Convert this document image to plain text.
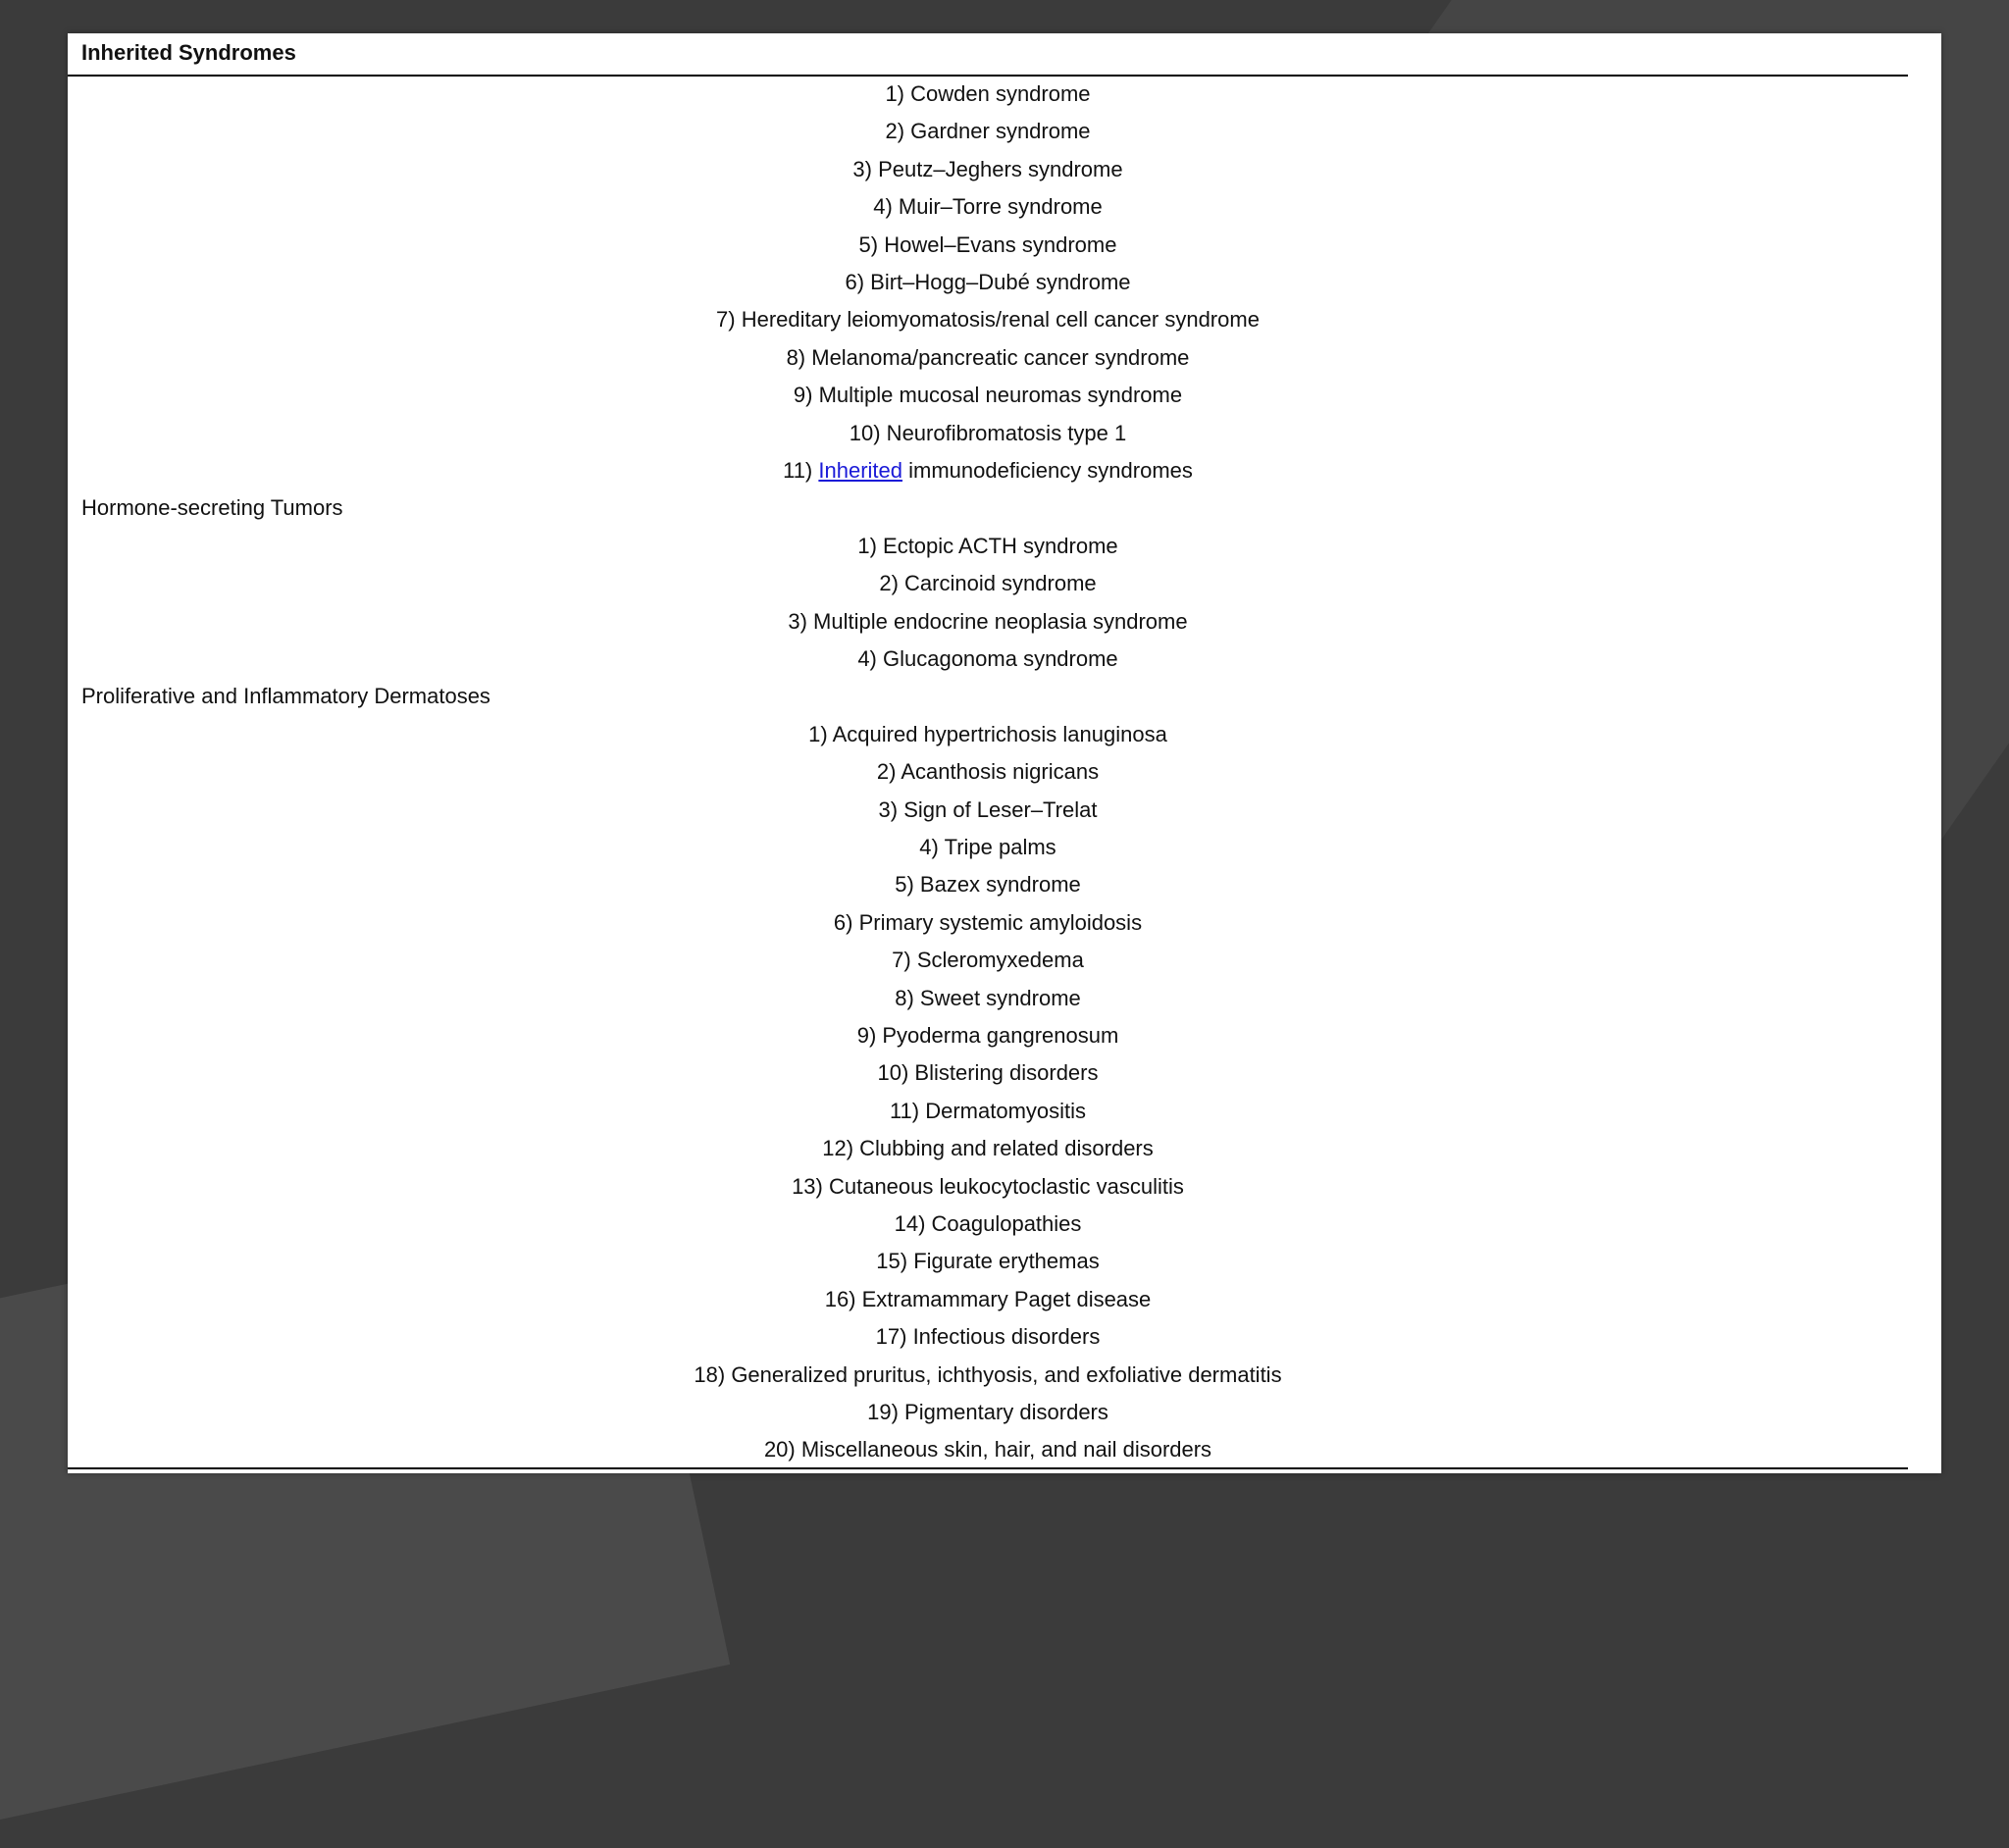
Inherited Syndromes
1) Cowden syndrome
2) Gardner syndrome
3) Peutz–Jeghers syndrome
4) Muir–Torre syndrome
5) Howel–Evans syndrome
6) Birt–Hogg–Dubé syndrome
7) Hereditary leiomyomatosis/renal cell cancer syndrome
8) Melanoma/pancreatic cancer syndrome
9) Multiple mucosal neuromas syndrome
10) Neurofibromatosis type 1
11) Inherited immunodeficiency syndromes
Hormone-secreting Tumors
1) Ectopic ACTH syndrome
2) Carcinoid syndrome
3) Multiple endocrine neoplasia syndrome
4) Glucagonoma syndrome
Proliferative and Inflammatory Dermatoses
1) Acquired hypertrichosis lanuginosa
2) Acanthosis nigricans
3) Sign of Leser–Trelat
4) Tripe palms
5) Bazex syndrome
6) Primary systemic amyloidosis
7) Scleromyxedema
8) Sweet syndrome
9) Pyoderma gangrenosum
10) Blistering disorders
11) Dermatomyositis
12) Clubbing and related disorders
13) Cutaneous leukocytoclastic vasculitis
14) Coagulopathies
15) Figurate erythemas
16) Extramammary Paget disease
17) Infectious disorders
18) Generalized pruritus, ichthyosis, and exfoliative dermatitis
19) Pigmentary disorders
20) Miscellaneous skin, hair, and nail disorders
